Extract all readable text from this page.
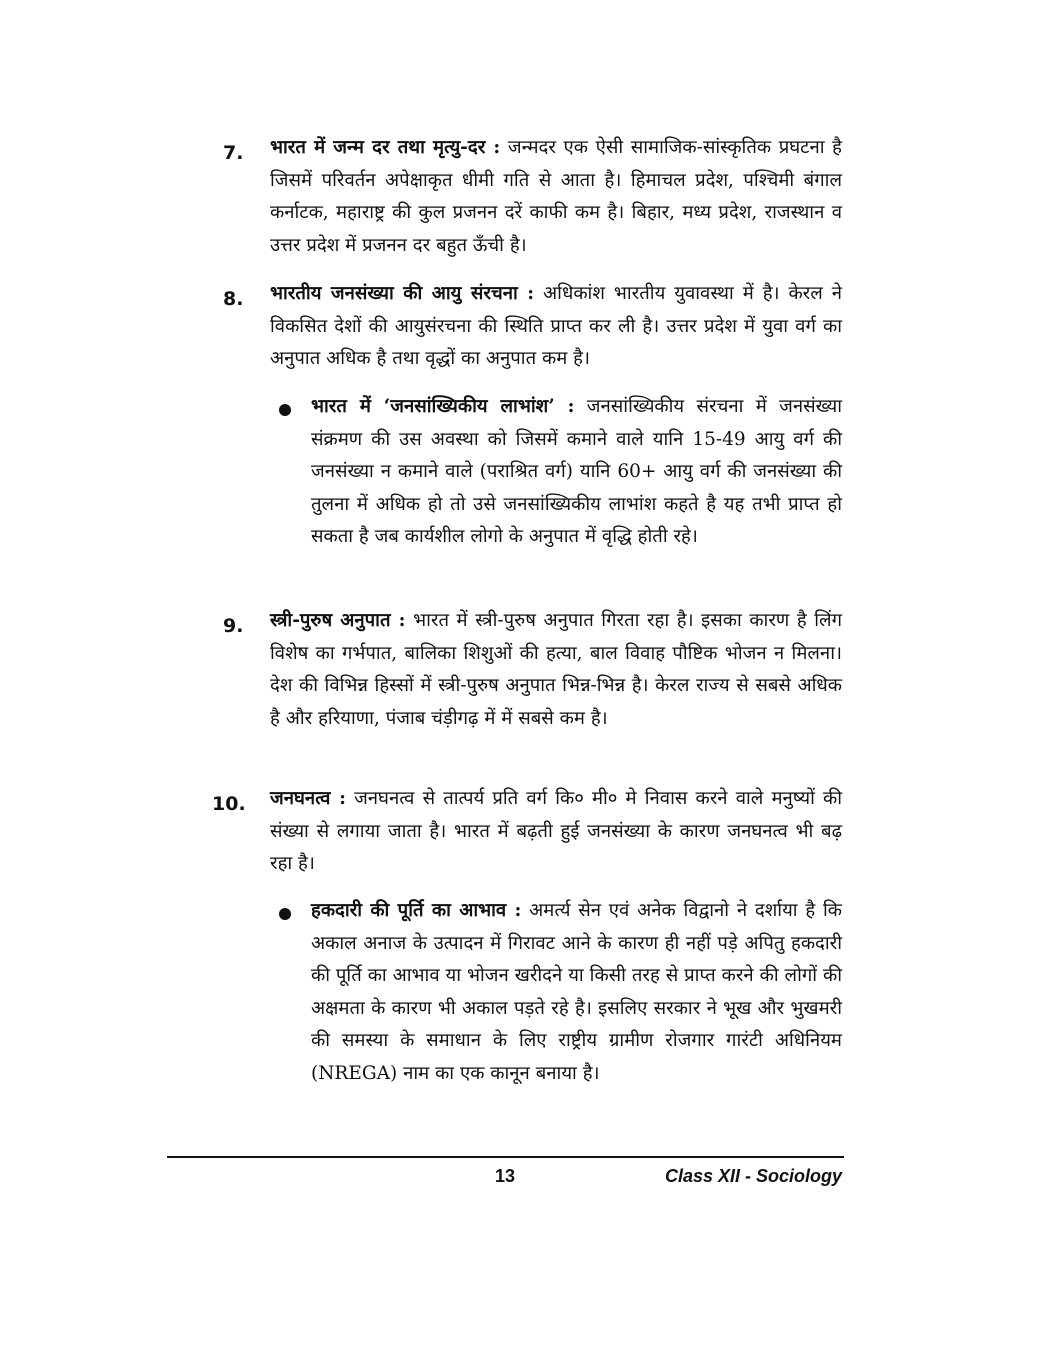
7. भारत में जन्म दर तथा मृत्यु-दर : जन्मदर एक ऐसी सामाजिक-सांस्कृतिक प्रघटना है जिसमें परिवर्तन अपेक्षाकृत धीमी गति से आता है। हिमाचल प्रदेश, पश्चिमी बंगाल कर्नाटक, महाराष्ट्र की कुल प्रजनन दरें काफी कम है। बिहार, मध्य प्रदेश, राजस्थान व उत्तर प्रदेश में प्रजनन दर बहुत ऊँची है।
8. भारतीय जनसंख्या की आयु संरचना : अधिकांश भारतीय युवावस्था में है। केरल ने विकसित देशों की आयुसंरचना की स्थिति प्राप्त कर ली है। उत्तर प्रदेश में युवा वर्ग का अनुपात अधिक है तथा वृद्धों का अनुपात कम है।
भारत में ‘जनसांख्यिकीय लाभांश’ : जनसांख्यिकीय संरचना में जनसंख्या संक्रमण की उस अवस्था को जिसमें कमाने वाले यानि 15-49 आयु वर्ग की जनसंख्या न कमाने वाले (पराश्रित वर्ग) यानि 60+ आयु वर्ग की जनसंख्या की तुलना में अधिक हो तो उसे जनसांख्यिकीय लाभांश कहते है यह तभी प्राप्त हो सकता है जब कार्यशील लोगो के अनुपात में वृद्धि होती रहे।
9. स्त्री-पुरुष अनुपात : भारत में स्त्री-पुरुष अनुपात गिरता रहा है। इसका कारण है लिंग विशेष का गर्भपात, बालिका शिशुओं की हत्या, बाल विवाह पौष्टिक भोजन न मिलना। देश की विभिन्न हिस्सों में स्त्री-पुरुष अनुपात भिन्न-भिन्न है। केरल राज्य से सबसे अधिक है और हरियाणा, पंजाब चंड़ीगढ़ में में सबसे कम है।
10. जनघनत्व : जनघनत्व से तात्पर्य प्रति वर्ग कि० मी० मे निवास करने वाले मनुष्यों की संख्या से लगाया जाता है। भारत में बढ़ती हुई जनसंख्या के कारण जनघनत्व भी बढ़ रहा है।
हकदारी की पूर्ति का आभाव : अमर्त्य सेन एवं अनेक विद्वानो ने दर्शाया है कि अकाल अनाज के उत्पादन में गिरावट आने के कारण ही नहीं पड़े अपितु हकदारी की पूर्ति का आभाव या भोजन खरीदने या किसी तरह से प्राप्त करने की लोगों की अक्षमता के कारण भी अकाल पड़ते रहे है। इसलिए सरकार ने भूख और भुखमरी की समस्या के समाधान के लिए राष्ट्रीय ग्रामीण रोजगार गारंटी अधिनियम (NREGA) नाम का एक कानून बनाया है।
13	Class XII - Sociology
